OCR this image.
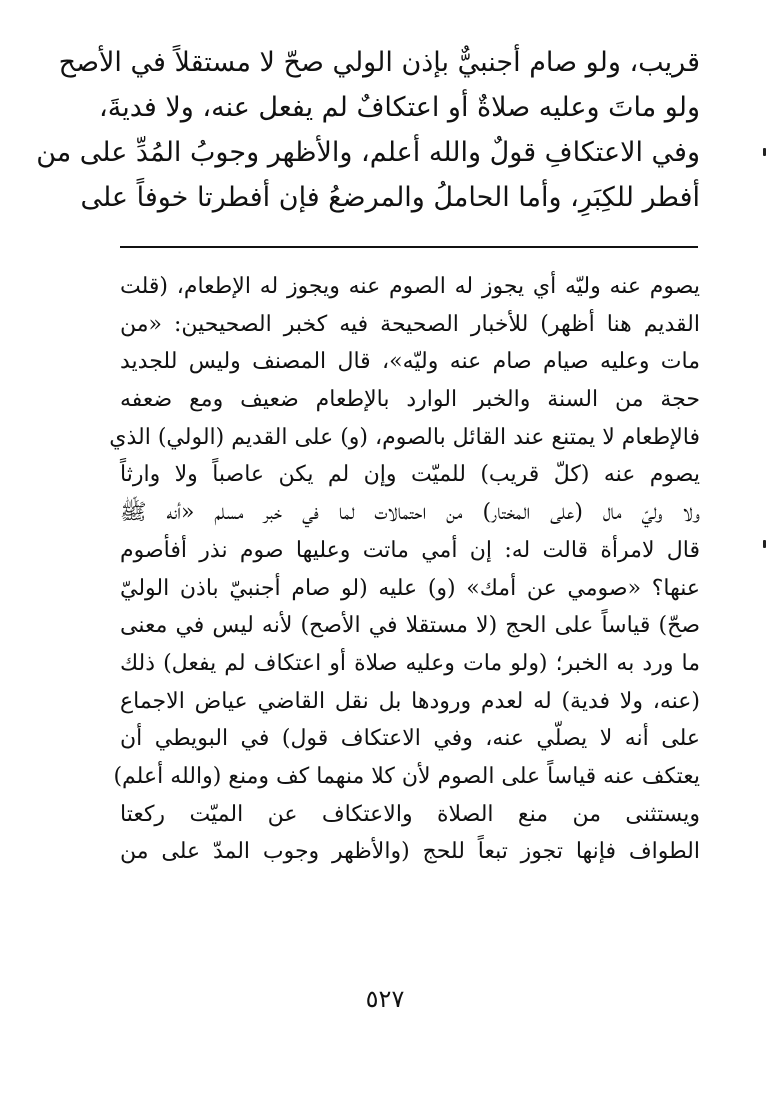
قريب، ولو صام أجنبيٌّ بإذن الولي صحّ لا مستقلاً في الأصح
ولو ماتَ وعليه صلاةٌ أو اعتكافٌ لم يفعل عنه، ولا فديةَ،
وفي الاعتكافِ قولٌ والله أعلم، والأظهر وجوبُ المُدِّ على من
أفطر للكِبَرِ، وأما الحاملُ والمرضعُ فإن أفطرتا خوفاً على
يصوم عنه وليّه أي يجوز له الصوم عنه ويجوز له الإطعام، (قلت
القديم هنا أظهر) للأخبار الصحيحة فيه كخبر الصحيحين: «من
مات وعليه صيام صام عنه وليّه»، قال المصنف وليس للجديد
حجة من السنة والخبر الوارد بالإطعام ضعيف ومع ضعفه
فالإطعام لا يمتنع عند القائل بالصوم، (و) على القديم (الولي) الذي
يصوم عنه (كلّ قريب) للميّت وإن لم يكن عاصباً ولا وارثاً
ولا وليّ مال (على المختار) من احتمالات لما في خبر مسلم «أنه ﷺ
قال لامرأة قالت له: إن أمي ماتت وعليها صوم نذر أفأصوم
عنها؟ «صومي عن أمك» (و) عليه (لو صام أجنبيّ باذن الوليّ
صحّ) قياساً على الحج (لا مستقلا في الأصح) لأنه ليس في معنى
ما ورد به الخبر؛ (ولو مات وعليه صلاة أو اعتكاف لم يفعل) ذلك
(عنه، ولا فدية) له لعدم ورودها بل نقل القاضي عياض الاجماع
على أنه لا يصلّي عنه، وفي الاعتكاف قول) في البويطي أن
يعتكف عنه قياساً على الصوم لأن كلا منهما كف ومنع (والله أعلم)
ويستثنى من منع الصلاة والاعتكاف عن الميّت ركعتا
الطواف فإنها تجوز تبعاً للحج (والأظهر وجوب المدّ على من
٥٢٧
